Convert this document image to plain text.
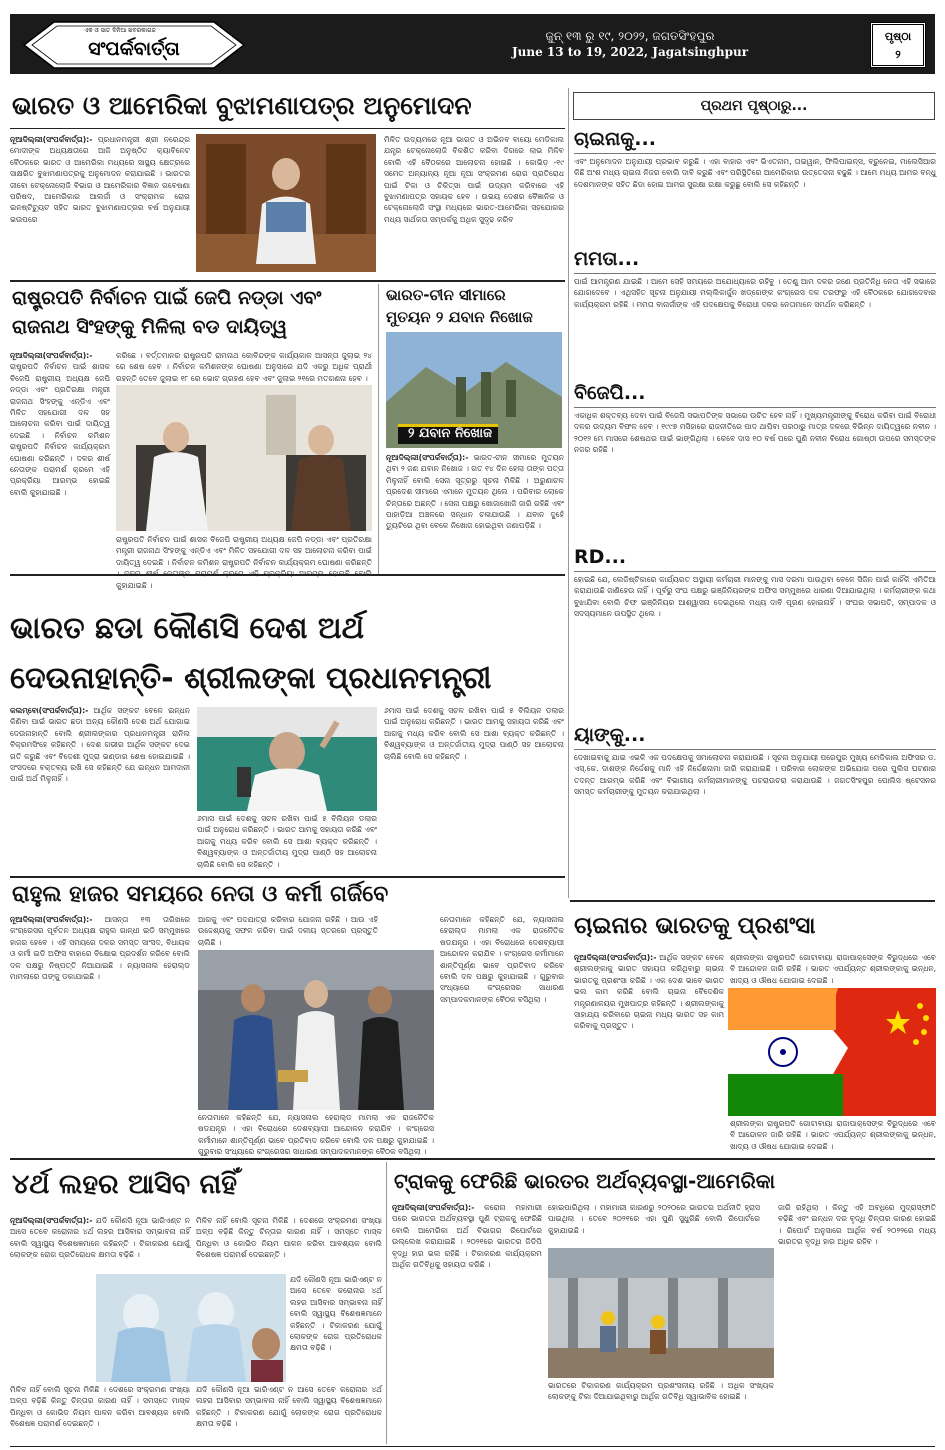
ଏକ ଓ ସାତ ଦିନିଆ ଖବରକାଗଜ
ସଂପର୍କବାର୍ତ୍ତା
ଜୁନ୍ ୧୩ ରୁ ୧୯, ୨୦୨୨, ଜଗତସିଂହପୁର
June 13 to 19, 2022, Jagatsinghpur
ପୃଷ୍ଠା
୨
ଭାରତ ଓ ଆମେରିକା ବୁଝାମଣାପତ୍ର ଅନୁମୋଦନ
ନୂଆଦିଲ୍ଲୀ(ସଂପର୍କବାର୍ତ୍ତା):- ପ୍ରଧାନମନ୍ତ୍ରୀ ଶ୍ରୀ ନରେନ୍ଦ୍ର ମୋଦୀଙ୍କ ଅଧ୍ୟକ୍ଷତାରେ ଆଜି ଅନୁଷ୍ଠିତ କ୍ୟାବିନେଟ ବୈଠକରେ ଭାରତ ଓ ଆମେରିକା ମଧ୍ୟରେ ସାସ୍ଥ୍ୟ କ୍ଷେତ୍ରରେ ସାକ୍ଷରିତ ବୁଝାମଣାପତ୍ରକୁ ଅନୁମୋଦନ କରାଯାଇଛି । ଭାରତର ଜୀବୋ ଟେକ୍ନୋଲୋଜି ବିଭାଗ ଓ ଆମେରିକାର ବିଜ୍ଞାନ ଗବେଷଣା ପରିଷଦ, ଆମେରିକାର ଆଲର୍ଜୀ ଓ ସଂକ୍ରାମକ ରୋଗ ଇନଷ୍ଟିଚ୍ୟୁଟ ସହିତ ଭାରତ ବୁଝାମଣାପତ୍ରର ବର୍ଷ ଅନୁଯାୟୀ ଭଉପରେ
ମିଳିତ ଉଦ୍ୟମରେ ନୂଆ ଭାରତ ଓ ଅଭିନବ ବାୟୋ ମେଡିକାଲ ଯନ୍ତ୍ର ଟେକ୍ନୋଲୋଜି ବିକଶିତ କରିବା ଦିଗରେ ଲାଭ ମିଳିବ ବୋଲି ଏହି ବୈଠକରେ ଆଲୋଚନା ହୋଇଛି । କୋଭିଡ଼ -୧୯ ସମେତ ଅନ୍ୟାନ୍ୟ ନୂଆ ନୂଆ ସଂକ୍ରମଣ ରୋଗ ପ୍ରତିରୋଧ ପାଇଁ ଟିକା ଓ ଚିକିତ୍ସା ପାଇଁ ଉଦ୍ୟମ କରିବାରେ ଏହି ବୁଝାମଣାପତ୍ର ସହାୟକ ହେବ । ଉଭୟ ଦେଶର ବୈଜ୍ଞାନିକ ଓ ଟେକ୍ନୋଲୋଜି ସଂସ୍ଥା ମଧ୍ୟରେ ଭାରତ-ଆମେରିକା ସହଯୋଗର ମଧ୍ୟ ସାର୍ଥକତା ସମ୍ପର୍କକୁ ଅଧିକ ସୁଦୃଢ କରିବ
ରାଷ୍ଟ୍ରପତି ନିର୍ବାଚନ ପାଇଁ ଜେପି ନଡ୍ଡା ଏବଂ
ରାଜନାଥ ସିଂହଙ୍କୁ ମିଳିଲା ବଡ ଦାୟିତ୍ୱ
ନୂଆଦିଲ୍ଲୀ(ସଂପର୍କବାର୍ତ୍ତା):- ରାଷ୍ଟ୍ରପତି ନିର୍ବାଚନ ପାଇଁ ଶାସକ ବିଜେପି ରାଷ୍ଟ୍ରୀୟ ଅଧ୍ୟକ୍ଷ ଜେପି ନଡ୍ଡା ଏବଂ ପ୍ରତିରକ୍ଷା ମନ୍ତ୍ରୀ ରାଜନାଥ ସିଂହଙ୍କୁ ଏନ୍ଡିଏ ଏବଂ ମିଳିତ ସହଯୋଗୀ ଦଳ ସହ ଆଲୋଚନା କରିବା ପାଇଁ ଦାୟିତ୍ୱ ଦେଇଛି । ନିର୍ବାଚନ କମିଶନ ରାଷ୍ଟ୍ରପତି ନିର୍ବାଚନ କାର୍ଯ୍ୟକ୍ରମ ଘୋଷଣା କରିଛନ୍ତି । ଦଳର ଶୀର୍ଷ ନେତାଙ୍କ ପରାମର୍ଶ କ୍ରମେ ଏହି ପ୍ରକ୍ରିୟା ଆରମ୍ଭ ହୋଇଛି ବୋଲି କୁହାଯାଇଛି ।
କରିଛେ । ବର୍ତ୍ତମାନର ରାଷ୍ଟ୍ରପତି ରାମନାଥ କୋବିନ୍ଦଙ୍କ କାର୍ଯ୍ୟକାଳ ଆସନ୍ତା ଜୁଲାଇ ୨୪ ରେ ଶେଷ ହେବ । ନିର୍ବାଚନ କମିଶନଙ୍କ ଘୋଷଣା ଅନୁସାରେ ଯଦି ଏକରୁ ଅଧିକ ପ୍ରାର୍ଥୀ ରହନ୍ତି ତେବେ ଜୁଲାଇ ୧୮ ରେ ଭୋଟ ଗ୍ରହଣ ହେବ ଏବଂ ଜୁଲାଇ ୨୧ରେ ମତଗଣନା ହେବ ।
ରାଷ୍ଟ୍ରପତି ନିର୍ବାଚନ ପାଇଁ ଶାସକ ବିଜେପି ରାଷ୍ଟ୍ରୀୟ ଅଧ୍ୟକ୍ଷ ଜେପି ନଡ୍ଡା ଏବଂ ପ୍ରତିରକ୍ଷା ମନ୍ତ୍ରୀ ରାଜନାଥ ସିଂହଙ୍କୁ ଏନ୍ଡିଏ ଏବଂ ମିଳିତ ସହଯୋଗୀ ଦଳ ସହ ଆଲୋଚନା କରିବା ପାଇଁ ଦାୟିତ୍ୱ ଦେଇଛି । ନିର୍ବାଚନ କମିଶନ ରାଷ୍ଟ୍ରପତି ନିର୍ବାଚନ କାର୍ଯ୍ୟକ୍ରମ ଘୋଷଣା କରିଛନ୍ତି କୁହାଯାଇଛି ।
ଭାରତ-ଚୀନ ସୀମାରେ
ମୁତୟନ ୨ ଯବାନ ନିଖୋଜ
୨ ଯବାନ ନିଖୋଜ
ନୂଆଦିଲ୍ଲୀ(ସଂପର୍କବାର୍ତ୍ତା):- ଭାରତ-ଚୀନ ସୀମାରେ ମୁତୟନ ଥିବା ୨ ଜଣ ଯବାନ ନିଖୋଜ । ଗତ ୧୪ ଦିନ ହେଲା ତାଙ୍କ ପତ୍ତା ମିଳୁନାହିଁ ବୋଲି ସେନା ସୂତ୍ରରୁ ସୂଚନା ମିଳିଛି । ଅରୁଣାଚଳ ପ୍ରଦେଶ ସୀମାରେ ଏମାନେ ମୁତୟନ ଥିଲେ । ପରିବାର ଲୋକେ ଚିନ୍ତାରେ ଅଛନ୍ତି । ସେନା ପକ୍ଷରୁ ଖୋଜାଖୋଜି ଜାରି ରହିଛି ଏବଂ ପାହାଡ଼ିଆ ଅଞ୍ଚଳରେ ସନ୍ଧାନ ଚଳାଯାଉଛି । ଯବାନ ଦୁହେଁ ଡ୍ୟୁଟିରେ ଥିବା ବେଳେ ନିଖୋଜ ହୋଇଥିବା ଜଣାପଡ଼ିଛି ।
ଭାରତ ଛଡା କୌଣସି ଦେଶ ଅର୍ଥ
ଦେଉନାହାନ୍ତି- ଶ୍ରୀଲଙ୍କା ପ୍ରଧାନମନ୍ତ୍ରୀ
କଲମ୍ବୋ(ସଂପର୍କବାର୍ତ୍ତା):- ଆର୍ଥିକ ସଙ୍କଟ ବେଳେ ଇନ୍ଧନ କିଣିବା ପାଇଁ ଭାରତ ଛଡା ଅନ୍ୟ କୌଣସି ଦେଶ ଅର୍ଥ ଯୋଗାଇ ଦେଉନାହାନ୍ତି ବୋଲି ଶ୍ରୀଲଙ୍କାର ପ୍ରଧାନମନ୍ତ୍ରୀ ରାନିଲ ବିକ୍ରମସିଂହେ କହିଛନ୍ତି । ଦେଶ ଗଭୀର ଆର୍ଥିକ ସଙ୍କଟ ଦେଇ ଗତି କରୁଛି ଏବଂ ବିଦେଶୀ ମୁଦ୍ରା ଭଣ୍ଡାର ଶେଷ ହୋଇଯାଇଛି । ସଂସଦରେ ବକ୍ତବ୍ୟ ରଖି ସେ କହିଛନ୍ତି ଯେ ଇନ୍ଧନ ଆମଦାନୀ ପାଇଁ ଅର୍ଥ ମିଳୁନାହିଁ ।
୬ମାସ ପାଇଁ ଦେଶକୁ ସଚଳ ରଖିବା ପାଇଁ ୫ ବିଲିୟନ ଡଲାର ପାଇଁ ଅନୁରୋଧ କରିଛନ୍ତି । ଭାରତ ଆମକୁ ସହାୟତା କରିଛି ଏବଂ ଆଗକୁ ମଧ୍ୟ କରିବ ବୋଲି ସେ ଆଶା ବ୍ୟକ୍ତ କରିଛନ୍ତି । ବିଶ୍ୱବ୍ୟାଙ୍କ ଓ ଅନ୍ତର୍ଜାତୀୟ ମୁଦ୍ରା ପାଣ୍ଠି ସହ ଆଲୋଚନା ଚାଲିଛି ବୋଲି ସେ କହିଛନ୍ତି ।
୬ମାସ ପାଇଁ ଦେଶକୁ ସଚଳ ରଖିବା ପାଇଁ ୫ ବିଲିୟନ ଡଲାର ପାଇଁ ଅନୁରୋଧ କରିଛନ୍ତି । ଭାରତ ଆମକୁ ସହାୟତା କରିଛି ଏବଂ ଆଗକୁ ମଧ୍ୟ କରିବ ବୋଲି ସେ ଆଶା ବ୍ୟକ୍ତ କରିଛନ୍ତି । ବିଶ୍ୱବ୍ୟାଙ୍କ ଓ ଅନ୍ତର୍ଜାତୀୟ ମୁଦ୍ରା ପାଣ୍ଠି ସହ ଆଲୋଚନା ଚାଲିଛି ବୋଲି ସେ କହିଛନ୍ତି ।
ରାହୁଲ ହାଜର ସମୟରେ ନେତା ଓ କର୍ମୀ ଗର୍ଜିବେ
ନୂଆଦିଲ୍ଲୀ(ସଂପର୍କବାର୍ତ୍ତା):- ଆସନ୍ତା ୧୩ ତାରିଖରେ କଂଗ୍ରେସର ପୂର୍ବତନ ଅଧ୍ୟକ୍ଷ ରାହୁଲ ଗାନ୍ଧୀ ଇଡି ସମ୍ମୁଖରେ ହାଜର ହେବେ । ଏହି ସମୟରେ ଦଳର ସମସ୍ତ ସାଂସଦ, ବିଧାୟକ ଓ କର୍ମୀ ଇଡି ଅଫିସ ବାହାରେ ବିକ୍ଷୋଭ ପ୍ରଦର୍ଶନ କରିବେ ବୋଲି ଦଳ ପକ୍ଷରୁ ନିଷ୍ପତ୍ତି ନିଆଯାଇଛି । ନ୍ୟାସନାଲ ହେରାଲ୍ଡ ମାମଲାରେ ତାଙ୍କୁ ଡକାଯାଇଛି ।
ଆଗକୁ ଏବଂ ପଦଯାତ୍ରା କରିବାର ଯୋଜନା ରହିଛି । ଆଉ ଏହି ଉଦ୍ଦେଶ୍ୟକୁ ସଫଳ କରିବା ପାଇଁ ଦଳୀୟ ସ୍ତରରେ ପ୍ରସ୍ତୁତି ଚାଲିଛି ।
ନେତାମାନେ କହିଛନ୍ତି ଯେ, ନ୍ୟାସନାଲ ହେରାଲ୍ଡ ମାମଲା ଏକ ରାଜନୈତିକ ଷଡଯନ୍ତ୍ର । ଏହା ବିରୋଧରେ ଦେଶବ୍ୟାପୀ ଆନ୍ଦୋଳନ କରାଯିବ । କଂଗ୍ରେସ କର୍ମୀମାନେ ଶାନ୍ତିପୂର୍ଣ୍ଣ ଭାବେ ପ୍ରତିବାଦ କରିବେ ବୋଲି ଦଳ ପକ୍ଷରୁ କୁହାଯାଇଛି । ଗୁରୁବାର ସଂଧ୍ୟାରେ କଂଗ୍ରେସର ସାଧାରଣ ସମ୍ପାଦକମାନଙ୍କ ବୈଠକ ବସିଥିଲା ।
ନେତାମାନେ କହିଛନ୍ତି ଯେ, ନ୍ୟାସନାଲ ହେରାଲ୍ଡ ମାମଲା ଏକ ରାଜନୈତିକ ଷଡଯନ୍ତ୍ର । ଏହା ବିରୋଧରେ ଦେଶବ୍ୟାପୀ ଆନ୍ଦୋଳନ କରାଯିବ । କଂଗ୍ରେସ କର୍ମୀମାନେ ଶାନ୍ତିପୂର୍ଣ୍ଣ ଭାବେ ପ୍ରତିବାଦ କରିବେ ବୋଲି ଦଳ ପକ୍ଷରୁ କୁହାଯାଇଛି । ଗୁରୁବାର ସଂଧ୍ୟାରେ କଂଗ୍ରେସର ସାଧାରଣ ସମ୍ପାଦକମାନଙ୍କ ବୈଠକ ବସିଥିଲା ।
ପ୍ରଥମ ପୃଷ୍ଠାରୁ...
ଚାଇନାକୁ...
ଏବଂ ଅନୁମୋଦନ ଅନୁଯାୟୀ ପ୍ରଭାବ କରୁଛି । ଏହା ବାହାର ଏବଂ ଭିଏତନାମ, ତାଇୱାନ, ଫିଲିପାଇନ୍ସ, ବ୍ରୁନେଇ, ମାଲେସିଆର କିଛି ଅଂଶ ମଧ୍ୟ ଚାଇନା ନିଜର ବୋଲି ଦାବି କରୁଛି ଏବଂ ପରିସ୍ଥିତିରେ ଆମେରିକାର ଉତ୍ତେଜନା ବଢୁଛି । ଆମେ ମଧ୍ୟ ଆମର ବନ୍ଧୁ ଦେଶମାନଙ୍କ ସହିତ ଛିଡା ହୋଇ ଆମର ସୁରକ୍ଷା ରକ୍ଷା କରୁଛୁ ବୋଲି ସେ କହିଛନ୍ତି ।
ମମତା...
ପାଇଁ ଆମନ୍ତ୍ରଣ ଯାଇଛି । ଆମେ ସେହି ସମୟରେ ଅଯୋଧ୍ୟାରେ ରହିବୁ । ତେଣୁ ଆମ ଦଳର ଜଣେ ପ୍ରତିନିଧି ନେତା ଏହି ସଭାରେ ଯୋଗଦେବେ । ଏଥିସହିତ ସୂଚନା ଅନୁଯାୟୀ ମଲ୍ଲିକାର୍ଜୁନ ଖଡ୍ଗେଙ୍କ କଂଗ୍ରେସ ଦଳ ତରଫରୁ ଏହି ବୈଠକରେ ଯୋଗଦେବାର କାର୍ଯ୍ୟକ୍ରମ ରହିଛି । ମମତା ବାନାର୍ଜୀଙ୍କ ଏହି ପଦକ୍ଷେପକୁ ବିରୋଧୀ ଦଳର ନେତାମାନେ ସମର୍ଥନ କରିଛନ୍ତି ।
ବିଜେପି...
ଏକାଧିକ ଶକ୍ତବ୍ୟ ଦେବା ପାଇଁ ବିଜେପି ସଭାପତିଙ୍କ ସଭାରେ ଉଚିତ ହେବ ନାହିଁ । ମୁଖ୍ୟମନ୍ତ୍ରୀଙ୍କୁ ବିରୋଧ କରିବା ପାଇଁ ବିରୋଧୀ ଦଳର ଉଦ୍ୟମ ବିଫଳ ହେବ । ୧୯୯୭ ମସିହାରେ ରାଜନୀତିରେ ପାଦ ଥାପିବା ପରଠାରୁ ମାତ୍ର ଦଳରେ ବିଭିନ୍ନ ଦାୟିତ୍ୱରେ ନବୀନ । ୨୦୧୨ ମେ ମାସରେ ଶେଷଥର ପାଇଁ ଭାଙ୍ଗିଥିଲା । କେବେ ଦାସ ୧୦ ବର୍ଷ ପରେ ପୁଣି ନବୀନ ବିରୋଧ ଗୋଷ୍ଠୀ ଉପରେ ସମସ୍ତଙ୍କ ନଜର ରହିଛି ।
RD...
ହୋଇଛି ଯେ, ଲେଜିଷ୍ଟିକାରେ କାର୍ଯ୍ୟରତ ଅସ୍ଥାୟୀ କର୍ମଚାରୀ ମାନଙ୍କୁ ମାସ ଦରମା ପାଉଥିବା ବେଳେ ସିଜିନ ପାଇଁ କାହିଁକି ଏମିତିଆ କରାଯାଉଛି ଜାଣିହେଉ ନାହିଁ । ପୂର୍ବରୁ ସଂଘ ପକ୍ଷରୁ ଇଞ୍ଜିନିୟରଙ୍କ ଅଫିସ ସମ୍ମୁଖରେ ଧାରଣା ଦିଆଯାଇଥିଲା । କର୍ମଚାରୀଙ୍କ କଥା ବୁଝାଯିବା ବୋଲି ଚିଫ ଇଞ୍ଜିନିୟର ଆଶ୍ୱାସନା ଦେଇଥିଲେ ମଧ୍ୟ ଦାବି ପୂରଣ ହୋଇନାହିଁ । ସଂଘର ସଭାପତି, ସମ୍ପାଦକ ଓ ସଦସ୍ୟମାନେ ଉପସ୍ଥିତ ଥିଲେ ।
ୟାଙ୍କୁ...
ଦେଖାଇବାକୁ ଯାଇ ଏଭଳି ଏକ ପଦକ୍ଷେପକୁ ସମାଲୋଚନା କରାଯାଉଛି । ସୂଚନା ଅନୁଯାୟୀ ପରେପୁର ମୁଖ୍ୟ ମେଡିକାଲ ଅଫିସର ଡ. ଏସ୍.କେ. ଦାଶଙ୍କ ନିର୍ଦ୍ଦେଶକୁ ମାନି ଏହି ନିର୍ଦ୍ଦେଶନାମା ଜାରି କରାଯାଇଛି । ପରିବାର ଲୋକଙ୍କ ଅଭିଯୋଗ ପରେ ପୁଲିସ ଘଟଣାର ତଦନ୍ତ ଆରମ୍ଭ କରିଛି ଏବଂ ବିଭାଗୀୟ କର୍ମଚାରୀମାନଙ୍କୁ ପଚରାଉଚରା କରାଯାଉଛି । ଜଗତସିଂହପୁର ପୋଲିସ ଷ୍ଟେସନର ସମସ୍ତ କର୍ମଚାରୀଙ୍କୁ ମୁତୟନ କରାଯାଇଥିଲା ।
ଚାଇନାର ଭାରତକୁ ପ୍ରଶଂସା
ନୂଆଦିଲ୍ଲୀ(ସଂପର୍କବାର୍ତ୍ତା):- ଆର୍ଥିକ ସଙ୍କଟ ବେଳେ ଶ୍ରୀଲଙ୍କାକୁ ଭାରତ ସହାୟତା କରିଥିବାରୁ ଚାଇନା ଭାରତକୁ ପ୍ରଶଂସା କରିଛି । ଏକ ଦେଶ ଭାବେ ଭାରତ ଭଲ କାମ କରିଛି ବୋଲି ଚାଇନା ବୈଦେଶିକ ମନ୍ତ୍ରଣାଳୟର ମୁଖପାତ୍ର କହିଛନ୍ତି । ଶ୍ରୀଲଙ୍କାକୁ ସାହାଯ୍ୟ କରିବାରେ ଚାଇନା ମଧ୍ୟ ଭାରତ ସହ କାମ କରିବାକୁ ପ୍ରସ୍ତୁତ ।
ଶ୍ରୀଲଙ୍କା ରାଷ୍ଟ୍ରପତି ଗୋଟାବାୟା ରାଜାପାକ୍ସେଙ୍କ ବିରୁଦ୍ଧରେ ଏବେ ବି ଆନ୍ଦୋଳନ ଜାରି ରହିଛି । ଭାରତ ଏପର୍ଯ୍ୟନ୍ତ ଶ୍ରୀଲଙ୍କାକୁ ଇନ୍ଧନ, ଖାଦ୍ୟ ଓ ଔଷଧ ଯୋଗାଇ ଦେଇଛି ।
ଶ୍ରୀଲଙ୍କା ରାଷ୍ଟ୍ରପତି ଗୋଟାବାୟା ରାଜାପାକ୍ସେଙ୍କ ବିରୁଦ୍ଧରେ ଏବେ ବି ଆନ୍ଦୋଳନ ଜାରି ରହିଛି । ଭାରତ ଏପର୍ଯ୍ୟନ୍ତ ଶ୍ରୀଲଙ୍କାକୁ ଇନ୍ଧନ, ଖାଦ୍ୟ ଓ ଔଷଧ ଯୋଗାଇ ଦେଇଛି ।
୪ର୍ଥ ଲହର ଆସିବ ନାହିଁ
ନୂଆଦିଲ୍ଲୀ(ସଂପର୍କବାର୍ତ୍ତା):- ଯଦି କୌଣସି ନୂଆ ଭାରିଏଣ୍ଟ ନ ଆସେ ତେବେ କରୋନାର ୪ର୍ଥ ଲହର ଆସିବାର ସମ୍ଭାବନା ନାହିଁ ବୋଲି ସ୍ୱାସ୍ଥ୍ୟ ବିଶେଷଜ୍ଞମାନେ କହିଛନ୍ତି । ଟିକାକରଣ ଯୋଗୁଁ ଲୋକଙ୍କ ରୋଗ ପ୍ରତିରୋଧକ କ୍ଷମତା ବଢ଼ିଛି ।
ମିଳିବ ନାହିଁ ବୋଲି ସୂଚନା ମିଳିଛି । ଦେଶରେ ସଂକ୍ରମଣ ସଂଖ୍ୟା ଅଳ୍ପ ବଢ଼ିଛି କିନ୍ତୁ ଚିନ୍ତାର କାରଣ ନାହିଁ । ସମସ୍ତେ ମାସ୍କ ପିନ୍ଧିବା ଓ କୋଭିଡ ନିୟମ ପାଳନ କରିବା ଆବଶ୍ୟକ ବୋଲି ବିଶେଷଜ୍ଞ ପରାମର୍ଶ ଦେଇଛନ୍ତି ।
ମିଳିବ ନାହିଁ ବୋଲି ସୂଚନା ମିଳିଛି । ଦେଶରେ ସଂକ୍ରମଣ ସଂଖ୍ୟା ଅଳ୍ପ ବଢ଼ିଛି କିନ୍ତୁ ଚିନ୍ତାର କାରଣ ନାହିଁ । ସମସ୍ତେ ମାସ୍କ ପିନ୍ଧିବା ଓ କୋଭିଡ ନିୟମ ପାଳନ କରିବା ଆବଶ୍ୟକ ବୋଲି ବିଶେଷଜ୍ଞ ପରାମର୍ଶ ଦେଇଛନ୍ତି ।
ଯଦି କୌଣସି ନୂଆ ଭାରିଏଣ୍ଟ ନ ଆସେ ତେବେ କରୋନାର ୪ର୍ଥ ଲହର ଆସିବାର ସମ୍ଭାବନା ନାହିଁ ବୋଲି ସ୍ୱାସ୍ଥ୍ୟ ବିଶେଷଜ୍ଞମାନେ କହିଛନ୍ତି । ଟିକାକରଣ ଯୋଗୁଁ ଲୋକଙ୍କ ରୋଗ ପ୍ରତିରୋଧକ କ୍ଷମତା ବଢ଼ିଛି ।
ଯଦି କୌଣସି ନୂଆ ଭାରିଏଣ୍ଟ ନ ଆସେ ତେବେ କରୋନାର ୪ର୍ଥ ଲହର ଆସିବାର ସମ୍ଭାବନା ନାହିଁ ବୋଲି ସ୍ୱାସ୍ଥ୍ୟ ବିଶେଷଜ୍ଞମାନେ କହିଛନ୍ତି । ଟିକାକରଣ ଯୋଗୁଁ ଲୋକଙ୍କ ରୋଗ ପ୍ରତିରୋଧକ କ୍ଷମତା ବଢ଼ିଛି ।
ଟ୍ରାକକୁ ଫେରିଛି ଭାରତର ଅର୍ଥବ୍ୟବସ୍ଥା-ଆମେରିକା
ନୂଆଦିଲ୍ଲୀ(ସଂପର୍କବାର୍ତ୍ତା):- କରୋନା ମହାମାରୀ ପରେ ଭାରତର ଅର୍ଥବ୍ୟବସ୍ଥା ପୁଣି ଟ୍ରାକକୁ ଫେରିଛି ବୋଲି ଆମେରିକା ଅର୍ଥ ବିଭାଗର ରିପୋର୍ଟରେ ଉଲ୍ଲେଖ କରାଯାଇଛି । ୨୦୨୧ରେ ଭାରତର ଜିଡିପି ବୃଦ୍ଧି ହାର ଭଲ ରହିଛି । ଟିକାକରଣ କାର୍ଯ୍ୟକ୍ରମ ଆର୍ଥିକ ଗତିବିଧିକୁ ସହାୟତା କରିଛି ।
ହୋଇପାରିଥିଲା । ମହାମାରୀ କାରଣରୁ ୨୦୨୦ରେ ଭାରତର ଅର୍ଥନୀତି ହ୍ରାସ ପାଇଥିଲା । ତେବେ ୨୦୨୧ରେ ଏହା ପୁଣି ସୁଧୁରିଛି ବୋଲି ରିପୋର୍ଟରେ କୁହାଯାଇଛି ।
ଭାରତରେ ଟିକାକରଣ କାର୍ଯ୍ୟକ୍ରମ ପ୍ରଶଂସନୀୟ ରହିଛି । ଅଧିକ ସଂଖ୍ୟକ ଲୋକଙ୍କୁ ଟିକା ଦିଆଯାଇଥିବାରୁ ଆର୍ଥିକ ଗତିବିଧି ସ୍ୱାଭାବିକ ହୋଇଛି ।
ଜାରି ରହିଥିଲା । କିନ୍ତୁ ଏହି ଅବଧିରେ ମୁଦ୍ରାସ୍ଫୀତି ବଢ଼ିଛି ଏବଂ ଇନ୍ଧନ ଦର ବୃଦ୍ଧି ଚିନ୍ତାର କାରଣ ହୋଇଛି । ରିପୋର୍ଟ ଅନୁସାରେ ଆର୍ଥିକ ବର୍ଷ ୨୦୨୨ରେ ମଧ୍ୟ ଭାରତର ବୃଦ୍ଧି ହାର ଅଧିକ ରହିବ ।
